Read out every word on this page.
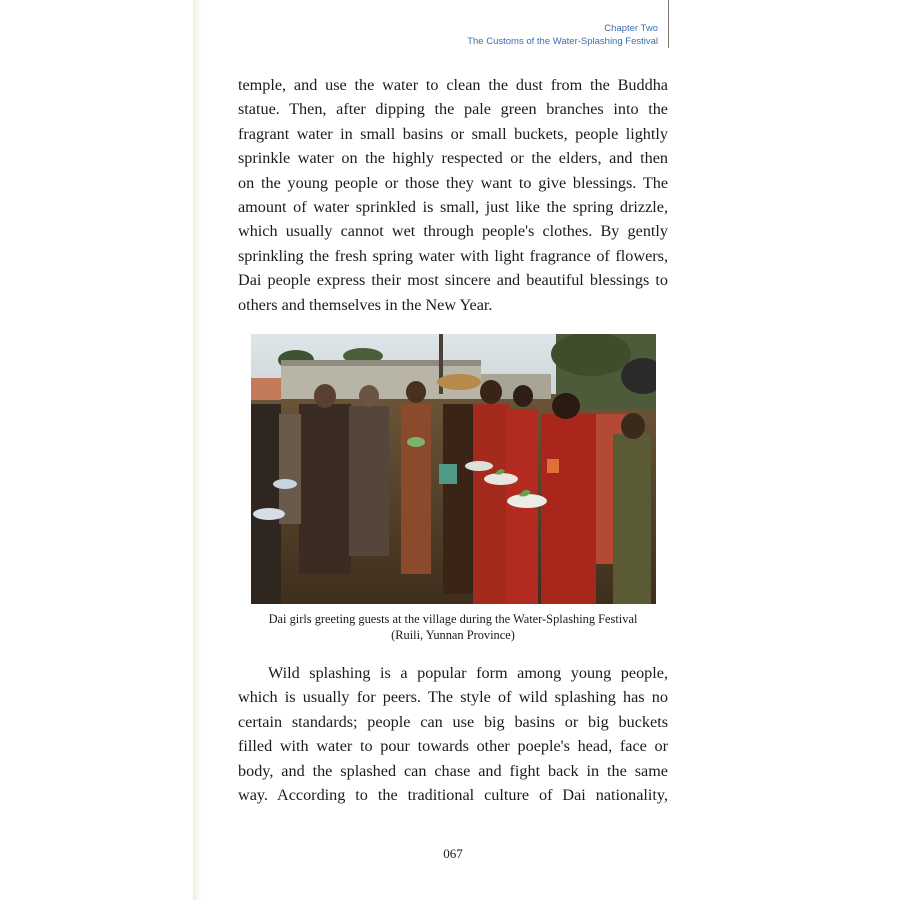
Chapter Two
The Customs of the Water-Splashing Festival
temple, and use the water to clean the dust from the Buddha
statue. Then, after dipping the pale green branches into the
fragrant water in small basins or small buckets, people lightly
sprinkle water on the highly respected or the elders, and then
on the young people or those they want to give blessings. The
amount of water sprinkled is small, just like the spring drizzle,
which usually cannot wet through people's clothes. By gently
sprinkling the fresh spring water with light fragrance of flowers,
Dai people express their most sincere and beautiful blessings to
others and themselves in the New Year.
Dai girls greeting guests at the village during the Water-Splashing Festival
(Ruili, Yunnan Province)
Wild splashing is a popular form among young people,
which is usually for peers. The style of wild splashing has no
certain standards; people can use big basins or big buckets
filled with water to pour towards other poeple's head, face or
body, and the splashed can chase and fight back in the same
way. According to the traditional culture of Dai nationality,
067
